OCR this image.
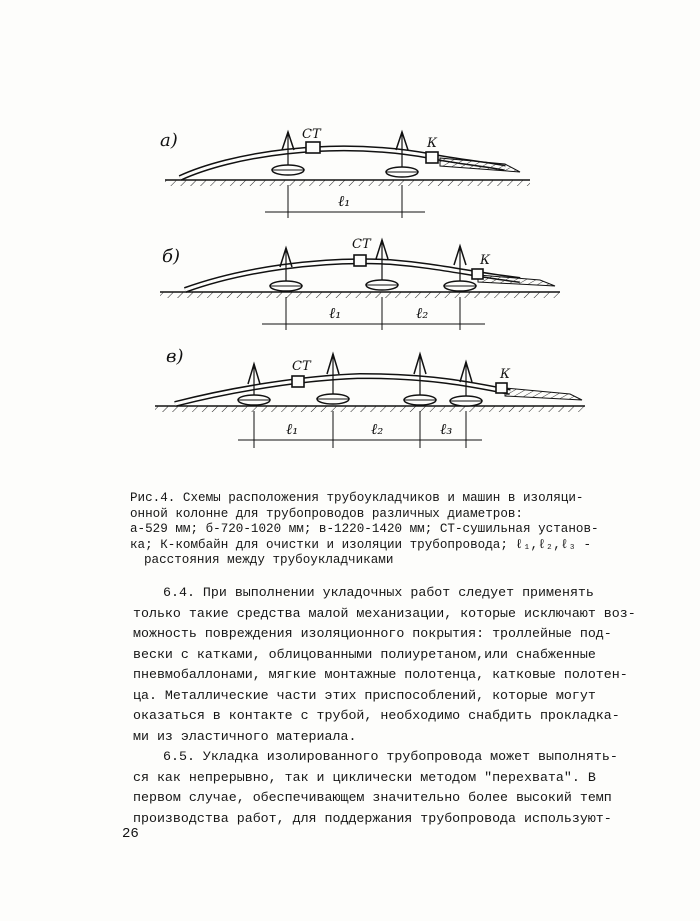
а)	СТ
К
ℓ₁
б)
СТ
К
ℓ₁	ℓ₂
в)	СТ
К
ℓ₁	ℓ₂	ℓ₃
Рис.4. Схемы расположения трубоукладчиков и машин в изоляци-
онной колонне для трубопроводов различных диаметров:
а-529 мм; б-720-1020 мм; в-1220-1420 мм; СТ-сушильная установ-
ка; К-комбайн для очистки и изоляции трубопровода; ℓ₁,ℓ₂,ℓ₃ -
расстояния между трубоукладчиками
6.4. При выполнении укладочных работ следует применять
только такие средства малой механизации, которые исключают воз-
можность повреждения изоляционного покрытия: троллейные под-
вески с катками, облицованными полиуретаном,или снабженные
пневмобаллонами, мягкие монтажные полотенца, катковые полотен-
ца. Металлические части этих приспособлений, которые могут
оказаться в контакте с трубой, необходимо снабдить прокладка-
ми из эластичного материала.
6.5. Укладка изолированного трубопровода может выполнять-
ся как непрерывно, так и циклически методом "перехвата". В
первом случае, обеспечивающем значительно более высокий темп
производства работ, для поддержания трубопровода используют-
26
